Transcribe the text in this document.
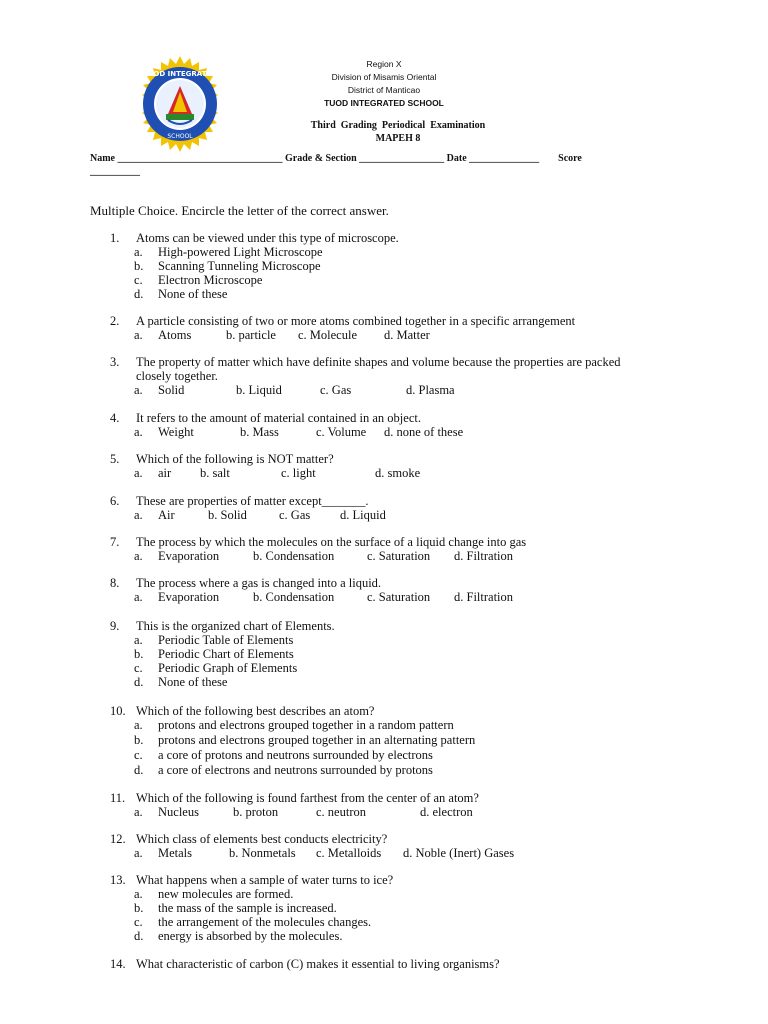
TUOD INTEGRATED
SCHOOL
Region X
Division of Misamis Oriental
District of Manticao
TUOD INTEGRATED SCHOOL
Third  Grading  Periodical  Examination
MAPEH 8
Name _________________________________ Grade & Section _________________ Date ______________ Score
__________
Multiple Choice. Encircle the letter of the correct answer.
1. Atoms can be viewed under this type of microscope.
a. High-powered Light Microscope
b. Scanning Tunneling Microscope
c. Electron Microscope
d. None of these
2. A particle consisting of two or more atoms combined together in a specific arrangement
a. Atoms	b. particle c. Molecule d. Matter
3. The property of matter which have definite shapes and volume because the properties are packed
closely together.
a. Solid	b. Liquid	c. Gas	d. Plasma
4. It refers to the amount of material contained in an object.
a. Weight	b. Mass	c. Volume d. none of these
5. Which of the following is NOT matter?
a. air b. salt	c. light	d. smoke
6. These are properties of matter except_______.
a. Air	b. Solid	c. Gas d. Liquid
7. The process by which the molecules on the surface of a liquid change into gas
a. Evaporation	b. Condensation	c. Saturation d. Filtration
8. The process where a gas is changed into a liquid.
a. Evaporation	b. Condensation	c. Saturation d. Filtration
9. This is the organized chart of Elements.
a. Periodic Table of Elements
b. Periodic Chart of Elements
c. Periodic Graph of Elements
d. None of these
10. Which of the following best describes an atom?
a. protons and electrons grouped together in a random pattern
b. protons and electrons grouped together in an alternating pattern
c. a core of protons and neutrons surrounded by electrons
d. a core of electrons and neutrons surrounded by protons
11. Which of the following is found farthest from the center of an atom?
a. Nucleus	b. proton	c. neutron	d. electron
12. Which class of elements best conducts electricity?
a. Metals	b. Nonmetals c. Metalloids d. Noble (Inert) Gases
13. What happens when a sample of water turns to ice?
a. new molecules are formed.
b. the mass of the sample is increased.
c. the arrangement of the molecules changes.
d. energy is absorbed by the molecules.
14. What characteristic of carbon (C) makes it essential to living organisms?
